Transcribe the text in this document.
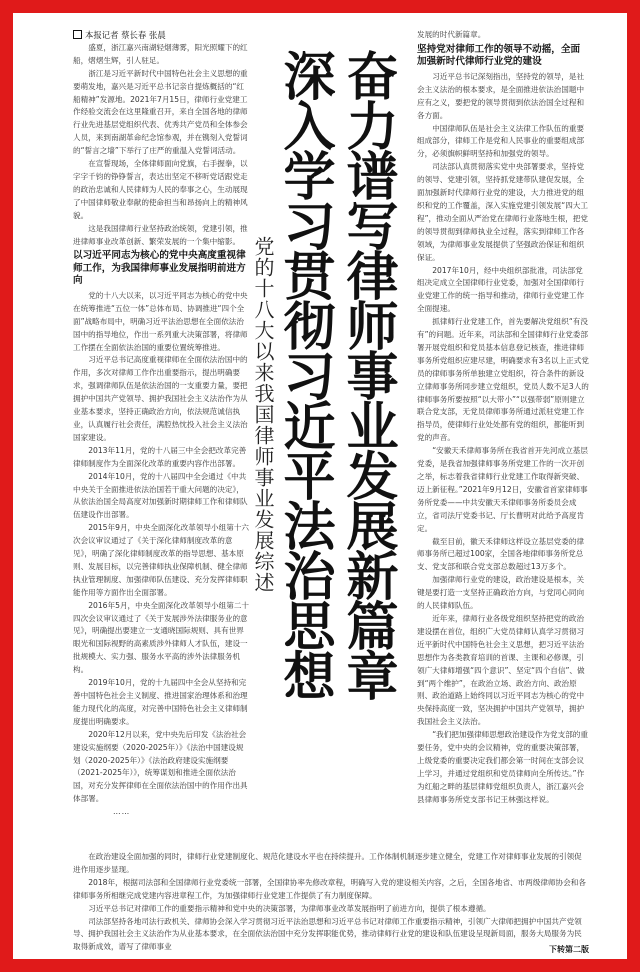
本报记者 蔡长春 张晨

盛夏，浙江嘉兴南湖轻烟薄雾，阳光照耀下的红船，熠熠生辉，引人驻足。

浙江是习近平新时代中国特色社会主义思想的重要萌发地，嘉兴是习近平总书记亲自提炼概括的“红船精神”发源地。2021年7月15日，律师行业党建工作经验交流会在这里隆重召开，来自全国各地的律师行业先进基层党组织代表、优秀共产党员和全体参会人员，来到南湖革命纪念馆参观，并在镌刻入党誓词的“誓言之墙”下举行了庄严的重温入党誓词活动。

在宣誓现场，全体律师面向党旗，右手握拳，以字字千钧的铮铮誓言，表达出坚定不移听党话跟党走的政治忠诚和人民律师为人民的奉事之心，生动展现了中国律师敬业奉献的使命担当和昂扬向上的精神风貌。

这是我国律师行业坚持政治统领，党建引领，推进律师事业改革创新、繁荣发展的一个集中缩影。

以习近平同志为核心的党中央高度重视律师工作，为我国律师事业发展指明前进方向

党的十八大以来，以习近平同志为核心的党中央在统筹推进“五位一体”总体布局、协调推进“四个全面”战略布局中，明确习近平法治思想在全面依法治国中的指导地位，作出一系列重大决策部署，将律师工作摆在全面依法治国的重要位置统筹推进。

习近平总书记高度重视律师在全面依法治国中的作用，多次对律师工作作出重要指示，提出明确要求，强调律师队伍是依法治国的一支重要力量，要把拥护中国共产党领导、拥护我国社会主义法治作为从业基本要求，坚持正确政治方向，依法规范诚信执业，认真履行社会责任，满腔热忱投入社会主义法治国家建设。

2013年11月，党的十八届三中全会把改革完善律师制度作为全面深化改革的重要内容作出部署。

2014年10月，党的十八届四中全会通过《中共中央关于全面推进依法治国若干重大问题的决定》，从依法治国全局高度对加强新时期律师工作和律师队伍建设作出部署。

2015年9月，中央全面深化改革领导小组第十六次会议审议通过了《关于深化律师制度改革的意见》，明确了深化律师制度改革的指导思想、基本原则、发展目标，以完善律师执业保障机制、健全律师执业管理制度、加强律师队伍建设、充分发挥律师职能作用等方面作出全面部署。

2016年5月，中央全面深化改革领导小组第二十四次会议审议通过了《关于发展涉外法律服务业的意见》，明确提出要建立一支通晓国际规则、具有世界眼光和国际视野的高素质涉外律师人才队伍，建设一批规模大、实力强、服务水平高的涉外法律服务机构。

2019年10月，党的十九届四中全会从坚持和完善中国特色社会主义制度、推进国家治理体系和治理能力现代化的高度，对完善中国特色社会主义律师制度提出明确要求。

2020年12月以来，党中央先后印发《法治社会建设实施纲要（2020-2025年）》《法治中国建设规划（2020-2025年）》《法治政府建设实施纲要（2021-2025年）》，统筹谋划和推进全面依法治国，对充分发挥律师在全面依法治国中的作用作出具体部署。

……

奋力谱写律师事业发展新篇章
深入学习贯彻习近平法治思想
党的十八大以来我国律师事业发展综述

发展的时代新篇章。

坚持党对律师工作的领导不动摇，全面加强新时代律师行业党的建设

习近平总书记深刻指出，坚持党的领导，是社会主义法治的根本要求，是全面推进依法治国题中应有之义，要把党的领导贯彻到依法治国全过程和各方面。

中国律师队伍是社会主义法律工作队伍的重要组成部分，律师工作是党和人民事业的重要组成部分，必须旗帜鲜明坚持和加强党的领导。

司法部认真贯彻落实党中央部署要求，坚持党的领导、党建引领，坚持抓党建带队建促发展，全面加强新时代律师行业党的建设，大力推进党的组织和党的工作覆盖，深入实施党建引领发展“四大工程”，推动全面从严治党在律师行业落地生根，把党的领导贯彻到律师执业全过程，落实到律师工作各领域，为律师事业发展提供了坚强政治保证和组织保证。

2017年10月，经中央组织部批准，司法部党组决定成立全国律师行业党委，加强对全国律师行业党建工作的统一指导和推动，律师行业党建工作全面提速。

抓律师行业党建工作，首先要解决党组织“有没有”的问题。近年来，司法部和全国律师行业党委部署开展党组织和党员基本信息登记核查，推进律师事务所党组织应建尽建，明确要求有3名以上正式党员的律师事务所单独建立党组织，符合条件的新设立律师事务所同步建立党组织，党员人数不足3人的律师事务所要按照“以大带小”“以强带弱”原则建立联合党支部，无党员律师事务所通过派驻党建工作指导员，使律师行业处处都有党的组织，都能听到党的声音。

“安徽天禾律师事务所在我省首开先河成立基层党委，是我省加强律师事务所党建工作的一次开创之举，标志着我省律师行业党建工作取得新突破、迈上新征程。”2021年9月12日，安徽省首家律师事务所党委——中共安徽天禾律师事务所委员会成立，省司法厅党委书记、厅长曹明对此给予高度肯定。

截至目前，徽天禾律师这样设立基层党委的律师事务所已超过100家，全国各地律师事务所党总支、党支部和联合党支部总数超过13万多个。

加强律师行业党的建设，政治建设是根本，关键是要打造一支坚持正确政治方向，与党同心同向的人民律师队伍。

近年来，律师行业各级党组织坚持把党的政治建设摆在首位，组织广大党员律师认真学习贯彻习近平新时代中国特色社会主义思想，把习近平法治思想作为各类教育培训的首课、主课和必修课，引领广大律师增强“四个意识”、坚定“四个自信”、做到“两个维护”，在政治立场、政治方向、政治原则、政治道路上始终同以习近平同志为核心的党中央保持高度一致，坚决拥护中国共产党领导，拥护我国社会主义法治。

“我们把加强律师思想政治建设作为党支部的重要任务，党中央的会议精神，党的重要决策部署，上级党委的重要决定我们都会第一时间在支部会议上学习，并通过党组织和党员律师向全所传达。”作为红船之畔的基层律师党组织负责人，浙江嘉兴会县律师事务所党支部书记王林强这样说。

在政治建设全面加强的同时，律师行业党建制度化、规范化建设水平也在持续提升。工作体制机制逐步建立健全，党建工作对律师事业发展的引领促进作用逐步显现。

2018年，根据司法部和全国律师行业党委统一部署，全国律协率先修改章程，明确写入党的建设相关内容，之后，全国各地省、市两级律师协会和各律师事务所相继完成党建内容进章程工作，为加强律师行业党建工作提供了有力制度保障。

习近平总书记对律师工作的重要指示精神和党中央的决策部署，为律师事业改革发展指明了前进方向，提供了根本遵循。

司法部坚持各地司法行政机关、律师协会深入学习贯彻习近平法治思想和习近平总书记对律师工作重要指示精神，引领广大律师把拥护中国共产党领导、拥护我国社会主义法治作为从业基本要求，在全面依法治国中充分发挥职能优势，推动律师行业党的建设和队伍建设呈现新局面，服务大局服务为民取得新成效，谱写了律师事业	下转第二版
